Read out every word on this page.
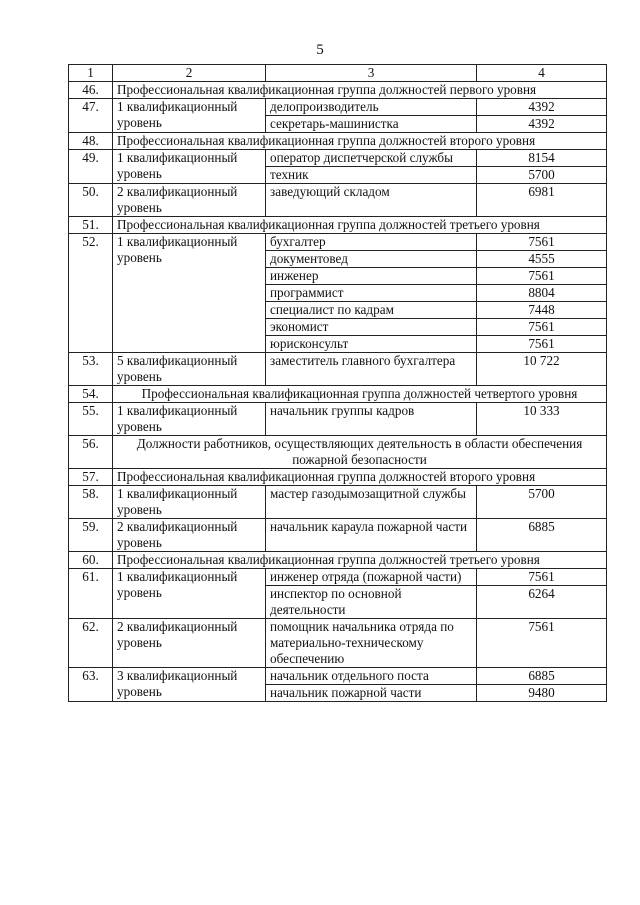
5
1	2	3	4
46.	Профессиональная квалификационная группа должностей первого уровня		
47.	1 квалификационный уровень	делопроизводитель	4392
		секретарь-машинистка	4392
48.	Профессиональная квалификационная группа должностей второго уровня		
49.	1 квалификационный уровень	оператор диспетчерской службы	8154
		техник	5700
50.	2 квалификационный уровень	заведующий складом	6981
51.	Профессиональная квалификационная группа должностей третьего уровня		
52.	1 квалификационный уровень	бухгалтер	7561
		документовед	4555
		инженер	7561
		программист	8804
		специалист по кадрам	7448
		экономист	7561
		юрисконсульт	7561
53.	5 квалификационный уровень	заместитель главного бухгалтера	10 722
54.	Профессиональная квалификационная группа должностей четвертого уровня		
55.	1 квалификационный уровень	начальник группы кадров	10 333
56.	Должности работников, осуществляющих деятельность в области обеспечения пожарной безопасности		
57.	Профессиональная квалификационная группа должностей второго уровня		
58.	1 квалификационный уровень	мастер газодымозащитной службы	5700
59.	2 квалификационный уровень	начальник караула пожарной части	6885
60.	Профессиональная квалификационная группа должностей третьего уровня		
61.	1 квалификационный уровень	инженер отряда (пожарной части)	7561
		инспектор по основной деятельности	6264
62.	2 квалификационный уровень	помощник начальника отряда по материально-техническому обеспечению	7561
63.	3 квалификационный уровень	начальник отдельного поста	6885
		начальник пожарной части	9480
